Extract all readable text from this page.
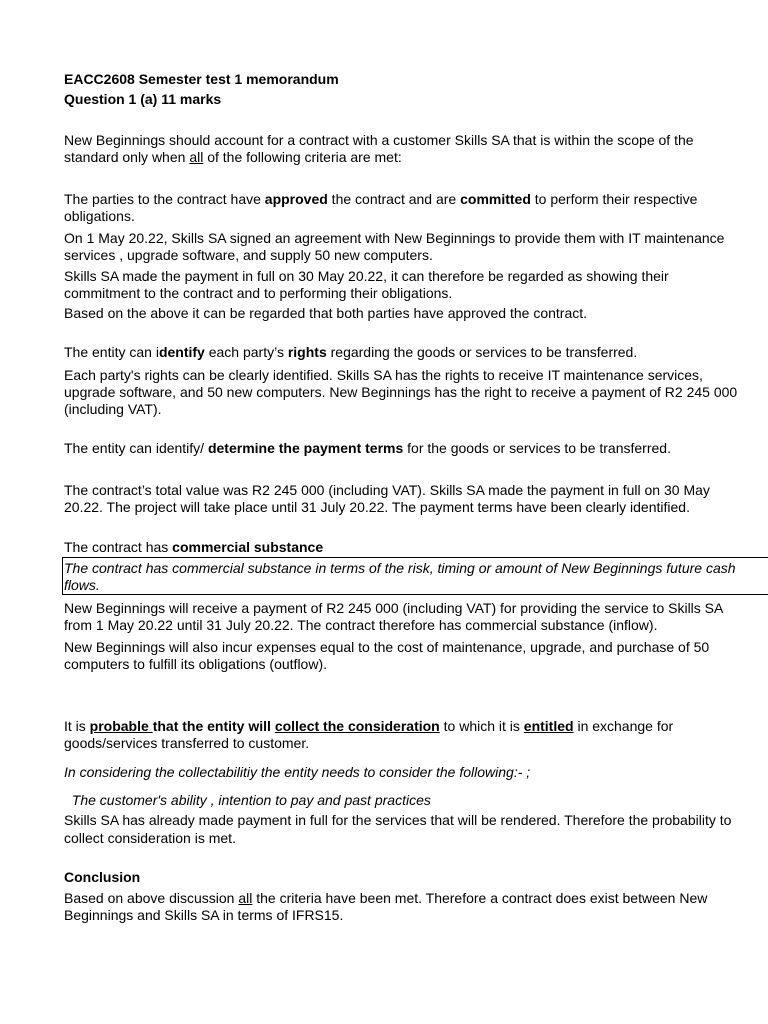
EACC2608 Semester test 1 memorandum

Question 1 (a) 11 marks

New Beginnings should account for a contract with a customer Skills SA that is within the scope of the

standard only when all of the following criteria are met:

The parties to the contract have approved the contract and are committed to perform their respective

obligations.

On 1 May 20.22, Skills SA signed an agreement with New Beginnings to provide them with IT maintenance

services , upgrade software, and supply 50 new computers.

Skills SA made the payment in full on 30 May 20.22, it can therefore be regarded as showing their

commitment to the contract and to performing their obligations.

Based on the above it can be regarded that both parties have approved the contract.

The entity can identify each party’s rights regarding the goods or services to be transferred.

Each party's rights can be clearly identified. Skills SA has the rights to receive IT maintenance services,

upgrade software, and 50 new computers. New Beginnings has the right to receive a payment of R2 245 000

(including VAT).

The entity can identify/ determine the payment terms for the goods or services to be transferred.

The contract’s total value was R2 245 000 (including VAT). Skills SA made the payment in full on 30 May

20.22. The project will take place until 31 July 20.22. The payment terms have been clearly identified.

The contract has commercial substance

The contract has commercial substance in terms of the risk, timing or amount of New Beginnings future cash

flows.

New Beginnings will receive a payment of R2 245 000 (including VAT) for providing the service to Skills SA

from 1 May 20.22 until 31 July 20.22. The contract therefore has commercial substance (inflow).

New Beginnings will also incur expenses equal to the cost of maintenance, upgrade, and purchase of 50

computers to fulfill its obligations (outflow).

It is probable that the entity will collect the consideration to which it is entitled in exchange for

goods/services transferred to customer.

In considering the collectabilitiy the entity needs to consider the following:- ;

The customer's ability , intention to pay and past practices

Skills SA has already made payment in full for the services that will be rendered. Therefore the probability to

collect consideration is met.

Conclusion

Based on above discussion all the criteria have been met. Therefore a contract does exist between New

Beginnings and Skills SA in terms of IFRS15.
